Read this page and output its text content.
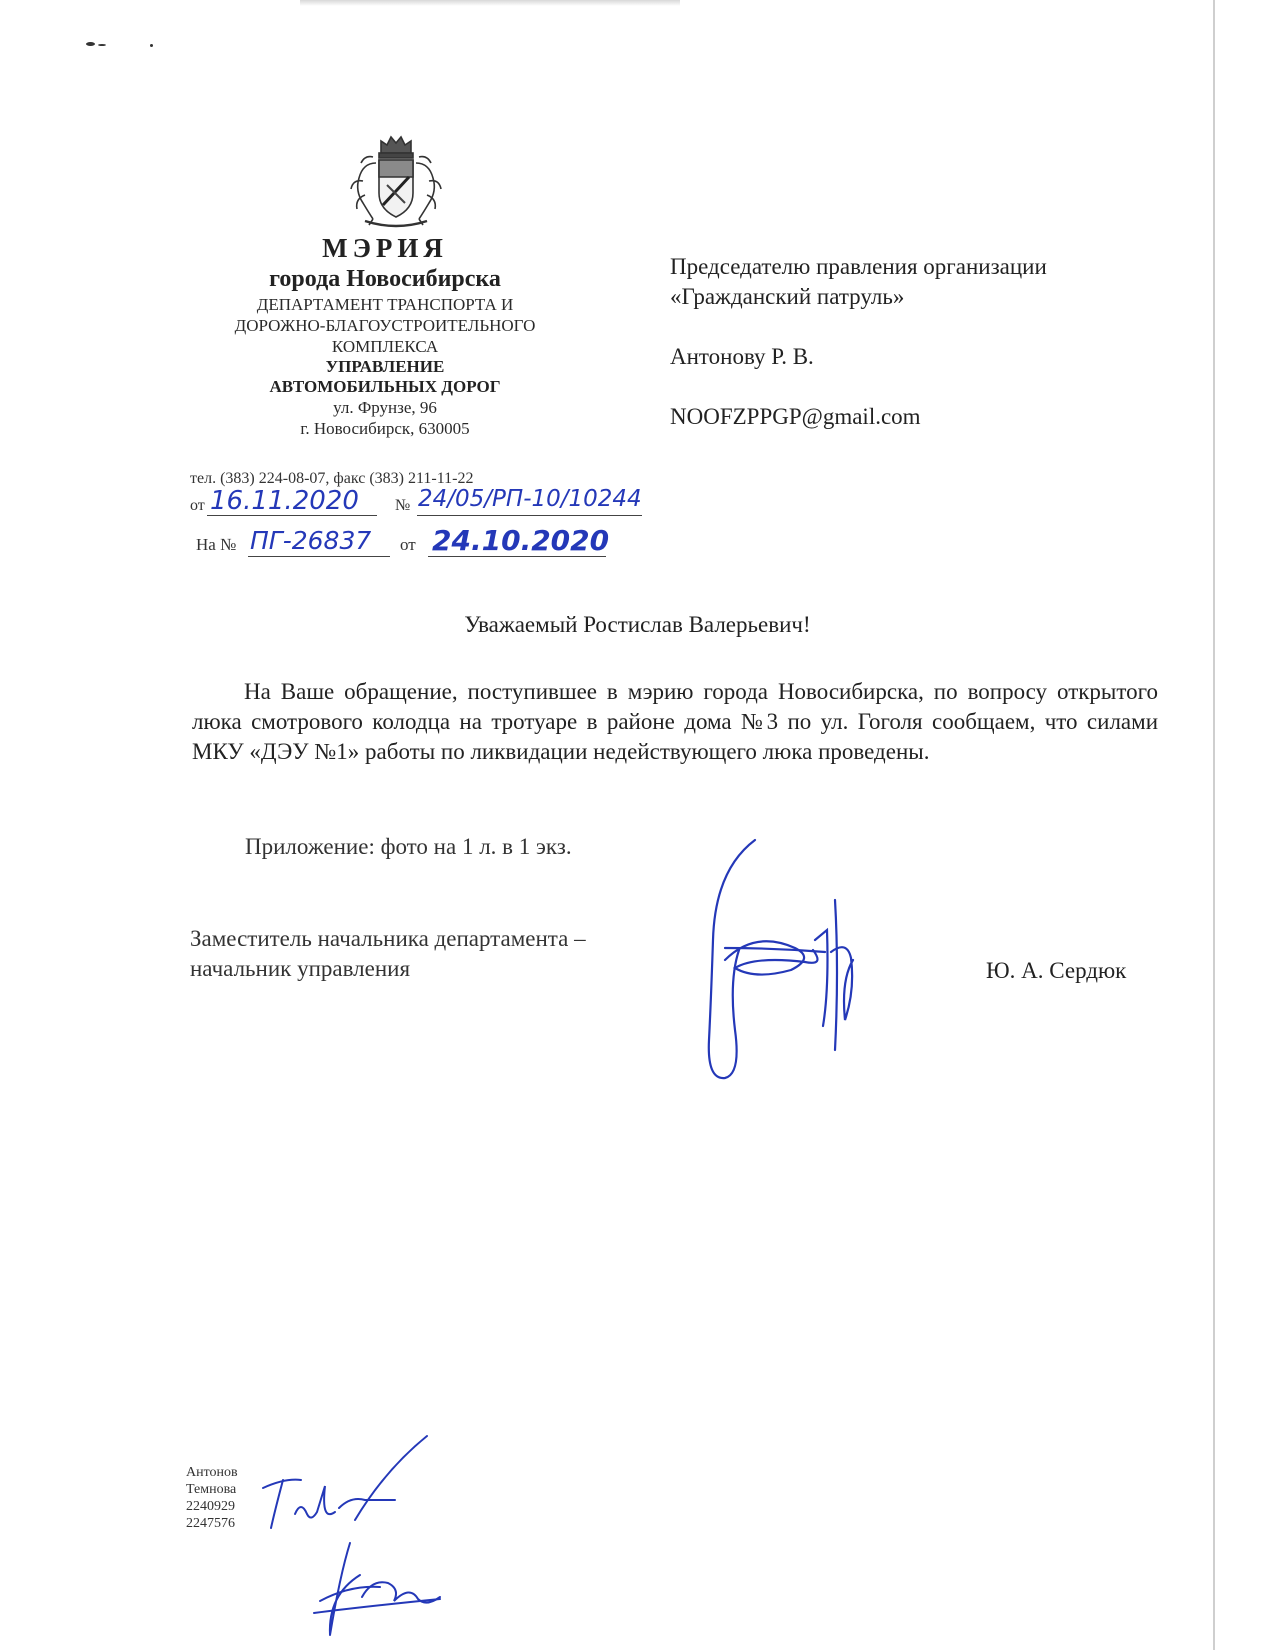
МЭРИЯ
города Новосибирска
ДЕПАРТАМЕНТ ТРАНСПОРТА И
ДОРОЖНО-БЛАГОУСТРОИТЕЛЬНОГО
КОМПЛЕКСА
УПРАВЛЕНИЕ
АВТОМОБИЛЬНЫХ ДОРОГ
ул. Фрунзе, 96
г. Новосибирск, 630005
тел. (383) 224-08-07, факс (383) 211-11-22
от 16.11.2020 № 24/05/РП-10/10244
На № ПГ-26837 от 24.10.2020

Председателю правления организации

«Гражданский патруль»

Антонову Р. В.

NOOFZPPGP@gmail.com

Уважаемый Ростислав Валерьевич!
На Ваше обращение, поступившее в мэрию города Новосибирска, по вопросу открытого люка смотрового колодца на тротуаре в районе дома №3 по ул. Гоголя сообщаем, что силами МКУ «ДЭУ №1» работы по ликвидации недействующего люка проведены.
Приложение: фото на 1 л. в 1 экз.
Заместитель начальника департамента –
начальник управления	Ю. А. Сердюк
Антонов
Темнова
2240929
2247576
